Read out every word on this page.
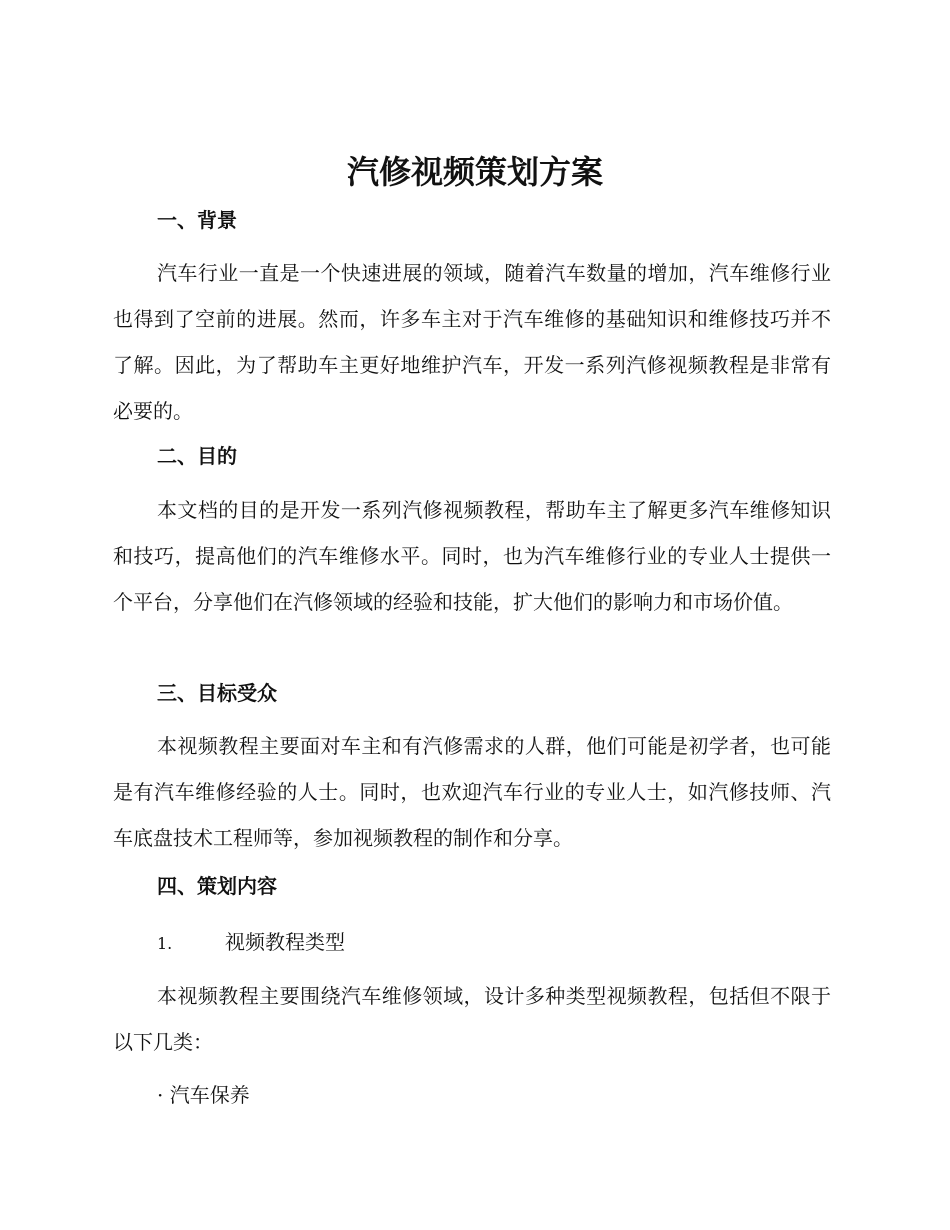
汽修视频策划方案
一、背景

汽车行业一直是一个快速进展的领域，随着汽车数量的增加，汽车维修行业也得到了空前的进展。然而，许多车主对于汽车维修的基础知识和维修技巧并不了解。因此，为了帮助车主更好地维护汽车，开发一系列汽修视频教程是非常有必要的。

二、目的

本文档的目的是开发一系列汽修视频教程，帮助车主了解更多汽车维修知识和技巧，提高他们的汽车维修水平。同时，也为汽车维修行业的专业人士提供一个平台，分享他们在汽修领域的经验和技能，扩大他们的影响力和市场价值。

三、目标受众

本视频教程主要面对车主和有汽修需求的人群，他们可能是初学者，也可能是有汽车维修经验的人士。同时，也欢迎汽车行业的专业人士，如汽修技师、汽车底盘技术工程师等，参加视频教程的制作和分享。

四、策划内容

1.	视频教程类型

本视频教程主要围绕汽车维修领域，设计多种类型视频教程，包括但不限于以下几类：

· 汽车保养
